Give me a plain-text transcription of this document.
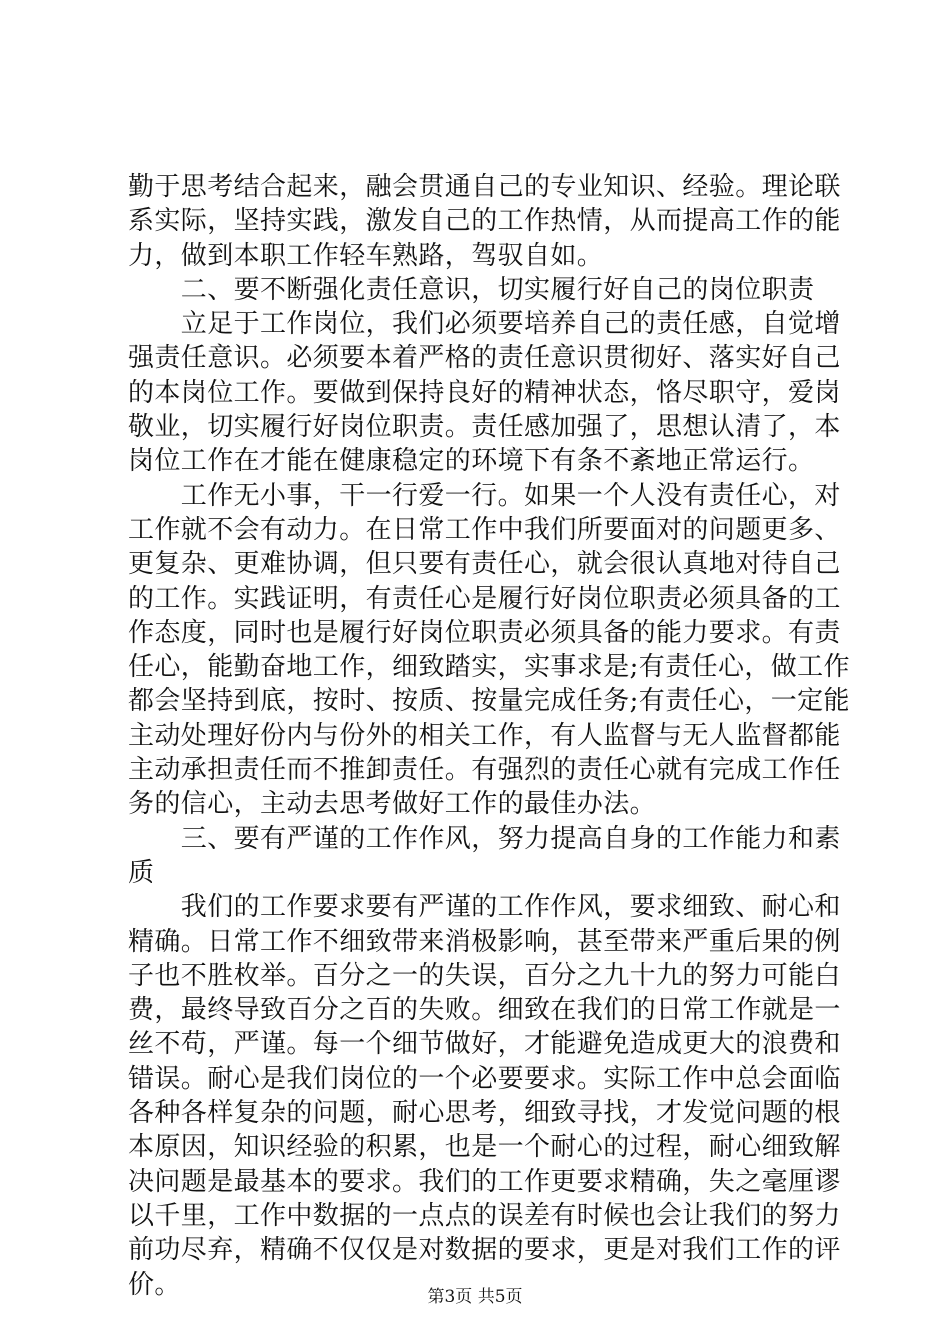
勤于思考结合起来，融会贯通自己的专业知识、经验。理论联
系实际，坚持实践，激发自己的工作热情，从而提高工作的能
力，做到本职工作轻车熟路，驾驭自如。
　　二、要不断强化责任意识，切实履行好自己的岗位职责
　　立足于工作岗位，我们必须要培养自己的责任感，自觉增
强责任意识。必须要本着严格的责任意识贯彻好、落实好自己
的本岗位工作。要做到保持良好的精神状态，恪尽职守，爱岗
敬业，切实履行好岗位职责。责任感加强了，思想认清了，本
岗位工作在才能在健康稳定的环境下有条不紊地正常运行。
　　工作无小事，干一行爱一行。如果一个人没有责任心，对
工作就不会有动力。在日常工作中我们所要面对的问题更多、
更复杂、更难协调，但只要有责任心，就会很认真地对待自己
的工作。实践证明，有责任心是履行好岗位职责必须具备的工
作态度，同时也是履行好岗位职责必须具备的能力要求。有责
任心，能勤奋地工作，细致踏实，实事求是;有责任心，做工作
都会坚持到底，按时、按质、按量完成任务;有责任心，一定能
主动处理好份内与份外的相关工作，有人监督与无人监督都能
主动承担责任而不推卸责任。有强烈的责任心就有完成工作任
务的信心，主动去思考做好工作的最佳办法。
　　三、要有严谨的工作作风，努力提高自身的工作能力和素
质
　　我们的工作要求要有严谨的工作作风，要求细致、耐心和
精确。日常工作不细致带来消极影响，甚至带来严重后果的例
子也不胜枚举。百分之一的失误，百分之九十九的努力可能白
费，最终导致百分之百的失败。细致在我们的日常工作就是一
丝不苟，严谨。每一个细节做好，才能避免造成更大的浪费和
错误。耐心是我们岗位的一个必要要求。实际工作中总会面临
各种各样复杂的问题，耐心思考，细致寻找，才发觉问题的根
本原因，知识经验的积累，也是一个耐心的过程，耐心细致解
决问题是最基本的要求。我们的工作更要求精确，失之毫厘谬
以千里，工作中数据的一点点的误差有时候也会让我们的努力
前功尽弃，精确不仅仅是对数据的要求，更是对我们工作的评
价。	第3页 共5页
